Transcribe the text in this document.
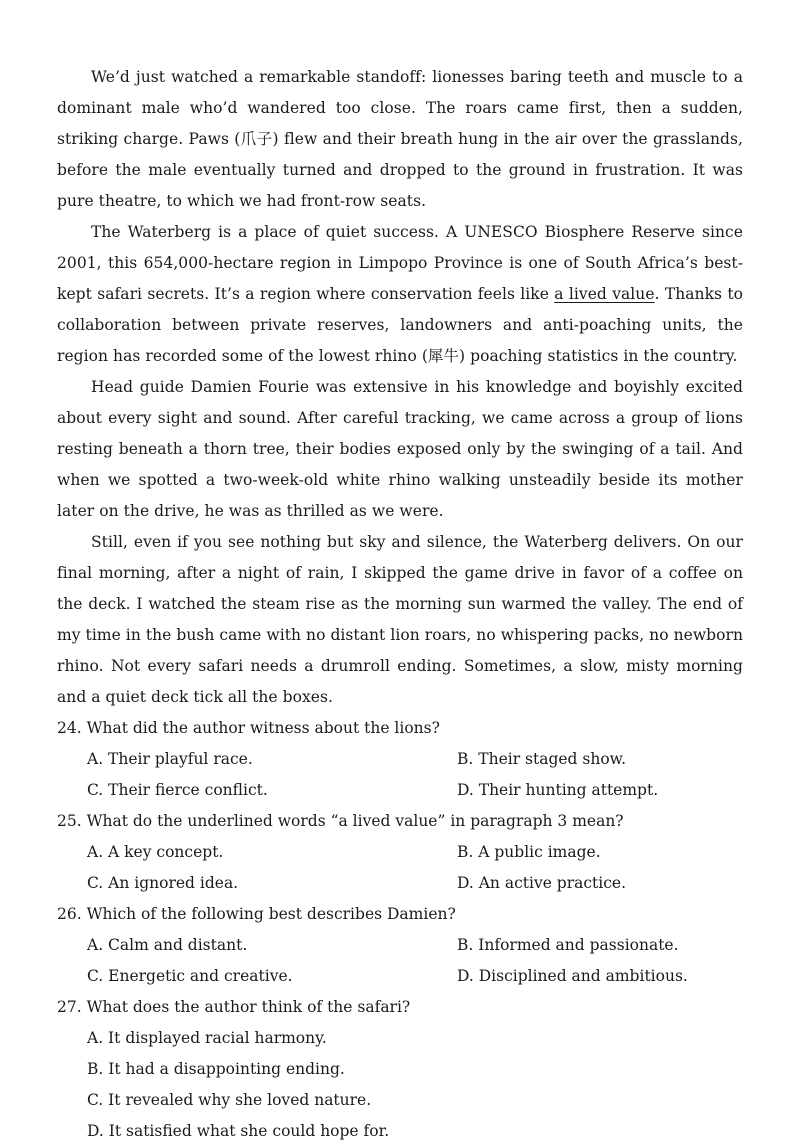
We’d just watched a remarkable standoff: lionesses baring teeth and muscle to a dominant male who’d wandered too close. The roars came first, then a sudden, striking charge. Paws (爪子) flew and their breath hung in the air over the grasslands, before the male eventually turned and dropped to the ground in frustration. It was pure theatre, to which we had front-row seats.

The Waterberg is a place of quiet success. A UNESCO Biosphere Reserve since 2001, this 654,000-hectare region in Limpopo Province is one of South Africa’s best-kept safari secrets. It’s a region where conservation feels like a lived value. Thanks to collaboration between private reserves, landowners and anti-poaching units, the region has recorded some of the lowest rhino (犀牛) poaching statistics in the country.

Head guide Damien Fourie was extensive in his knowledge and boyishly excited about every sight and sound. After careful tracking, we came across a group of lions resting beneath a thorn tree, their bodies exposed only by the swinging of a tail. And when we spotted a two-week-old white rhino walking unsteadily beside its mother later on the drive, he was as thrilled as we were.

Still, even if you see nothing but sky and silence, the Waterberg delivers. On our final morning, after a night of rain, I skipped the game drive in favor of a coffee on the deck. I watched the steam rise as the morning sun warmed the valley. The end of my time in the bush came with no distant lion roars, no whispering packs, no newborn rhino. Not every safari needs a drumroll ending. Sometimes, a slow, misty morning and a quiet deck tick all the boxes.

24. What did the author witness about the lions?

A. Their playful race.	B. Their staged show.
C. Their fierce conflict.	D. Their hunting attempt.

25. What do the underlined words “a lived value” in paragraph 3 mean?

A. A key concept.	B. A public image.
C. An ignored idea.	D. An active practice.

26. Which of the following best describes Damien?

A. Calm and distant.	B. Informed and passionate.
C. Energetic and creative.	D. Disciplined and ambitious.

27. What does the author think of the safari?

A. It displayed racial harmony.
B. It had a disappointing ending.
C. It revealed why she loved nature.
D. It satisfied what she could hope for.
